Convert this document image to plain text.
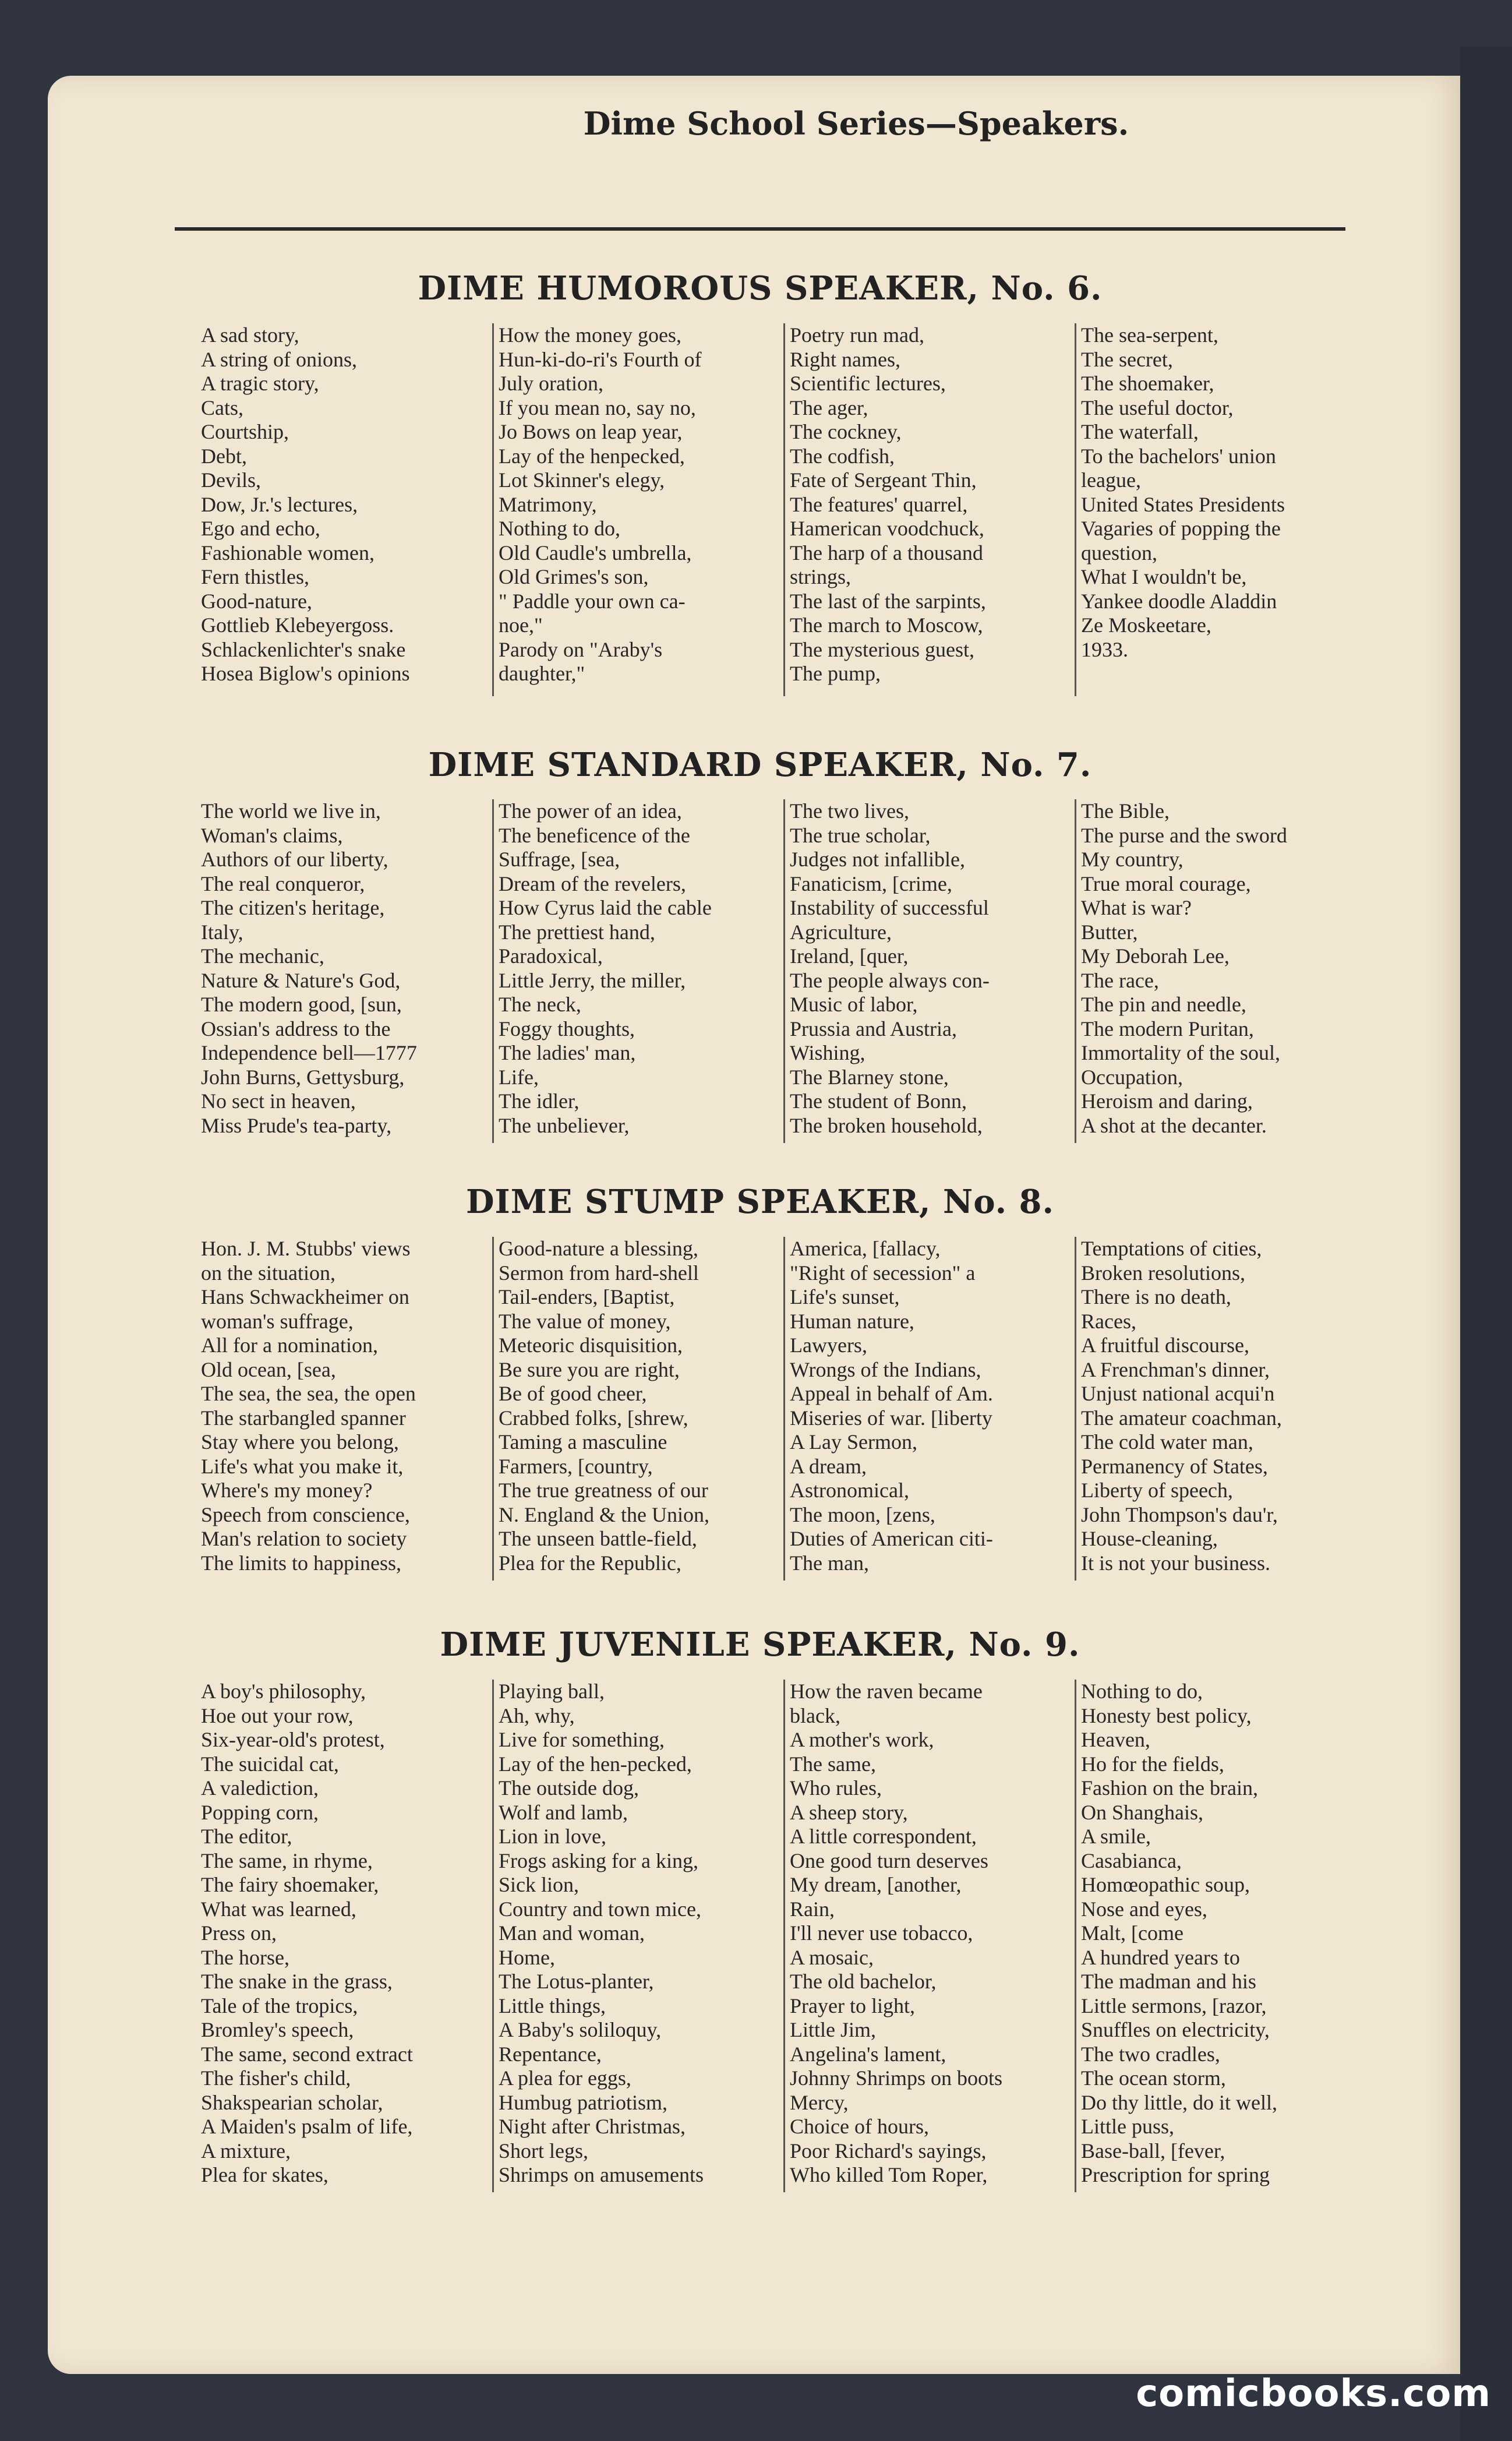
Dime School Series—Speakers.
DIME HUMOROUS SPEAKER, No. 6.
A sad story,
A string of onions,
A tragic story,
Cats,
Courtship,
Debt,
Devils,
Dow, Jr.'s lectures,
Ego and echo,
Fashionable women,
Fern thistles,
Good-nature,
Gottlieb Klebeyergoss.
Schlackenlichter's snake
Hosea Biglow's opinions
How the money goes,
Hun-ki-do-ri's Fourth of
July oration,
If you mean no, say no,
Jo Bows on leap year,
Lay of the henpecked,
Lot Skinner's elegy,
Matrimony,
Nothing to do,
Old Caudle's umbrella,
Old Grimes's son,
" Paddle your own ca-
noe,"
Parody on "Araby's
daughter,"
Poetry run mad,
Right names,
Scientific lectures,
The ager,
The cockney,
The codfish,
Fate of Sergeant Thin,
The features' quarrel,
Hamerican voodchuck,
The harp of a thousand
strings,
The last of the sarpints,
The march to Moscow,
The mysterious guest,
The pump,
The sea-serpent,
The secret,
The shoemaker,
The useful doctor,
The waterfall,
To the bachelors' union
league,
United States Presidents
Vagaries of popping the
question,
What I wouldn't be,
Yankee doodle Aladdin
Ze Moskeetare,
1933.
DIME STANDARD SPEAKER, No. 7.
The world we live in,
Woman's claims,
Authors of our liberty,
The real conqueror,
The citizen's heritage,
Italy,
The mechanic,
Nature & Nature's God,
The modern good, [sun,
Ossian's address to the
Independence bell—1777
John Burns, Gettysburg,
No sect in heaven,
Miss Prude's tea-party,
The power of an idea,
The beneficence of the
Suffrage, [sea,
Dream of the revelers,
How Cyrus laid the cable
The prettiest hand,
Paradoxical,
Little Jerry, the miller,
The neck,
Foggy thoughts,
The ladies' man,
Life,
The idler,
The unbeliever,
The two lives,
The true scholar,
Judges not infallible,
Fanaticism, [crime,
Instability of successful
Agriculture,
Ireland, [quer,
The people always con-
Music of labor,
Prussia and Austria,
Wishing,
The Blarney stone,
The student of Bonn,
The broken household,
The Bible,
The purse and the sword
My country,
True moral courage,
What is war?
Butter,
My Deborah Lee,
The race,
The pin and needle,
The modern Puritan,
Immortality of the soul,
Occupation,
Heroism and daring,
A shot at the decanter.
DIME STUMP SPEAKER, No. 8.
Hon. J. M. Stubbs' views
on the situation,
Hans Schwackheimer on
woman's suffrage,
All for a nomination,
Old ocean, [sea,
The sea, the sea, the open
The starbangled spanner
Stay where you belong,
Life's what you make it,
Where's my money?
Speech from conscience,
Man's relation to society
The limits to happiness,
Good-nature a blessing,
Sermon from hard-shell
Tail-enders, [Baptist,
The value of money,
Meteoric disquisition,
Be sure you are right,
Be of good cheer,
Crabbed folks, [shrew,
Taming a masculine
Farmers, [country,
The true greatness of our
N. England & the Union,
The unseen battle-field,
Plea for the Republic,
America, [fallacy,
"Right of secession" a
Life's sunset,
Human nature,
Lawyers,
Wrongs of the Indians,
Appeal in behalf of Am.
Miseries of war. [liberty
A Lay Sermon,
A dream,
Astronomical,
The moon, [zens,
Duties of American citi-
The man,
Temptations of cities,
Broken resolutions,
There is no death,
Races,
A fruitful discourse,
A Frenchman's dinner,
Unjust national acqui'n
The amateur coachman,
The cold water man,
Permanency of States,
Liberty of speech,
John Thompson's dau'r,
House-cleaning,
It is not your business.
DIME JUVENILE SPEAKER, No. 9.
A boy's philosophy,
Hoe out your row,
Six-year-old's protest,
The suicidal cat,
A valediction,
Popping corn,
The editor,
The same, in rhyme,
The fairy shoemaker,
What was learned,
Press on,
The horse,
The snake in the grass,
Tale of the tropics,
Bromley's speech,
The same, second extract
The fisher's child,
Shakspearian scholar,
A Maiden's psalm of life,
A mixture,
Plea for skates,
Playing ball,
Ah, why,
Live for something,
Lay of the hen-pecked,
The outside dog,
Wolf and lamb,
Lion in love,
Frogs asking for a king,
Sick lion,
Country and town mice,
Man and woman,
Home,
The Lotus-planter,
Little things,
A Baby's soliloquy,
Repentance,
A plea for eggs,
Humbug patriotism,
Night after Christmas,
Short legs,
Shrimps on amusements
How the raven became
black,
A mother's work,
The same,
Who rules,
A sheep story,
A little correspondent,
One good turn deserves
My dream, [another,
Rain,
I'll never use tobacco,
A mosaic,
The old bachelor,
Prayer to light,
Little Jim,
Angelina's lament,
Johnny Shrimps on boots
Mercy,
Choice of hours,
Poor Richard's sayings,
Who killed Tom Roper,
Nothing to do,
Honesty best policy,
Heaven,
Ho for the fields,
Fashion on the brain,
On Shanghais,
A smile,
Casabianca,
Homœopathic soup,
Nose and eyes,
Malt, [come
A hundred years to
The madman and his
Little sermons, [razor,
Snuffles on electricity,
The two cradles,
The ocean storm,
Do thy little, do it well,
Little puss,
Base-ball, [fever,
Prescription for spring
comicbooks.com
